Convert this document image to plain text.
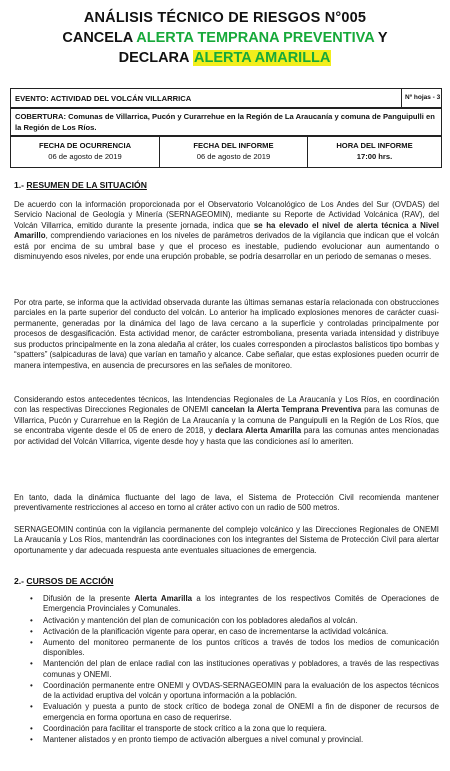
ANÁLISIS TÉCNICO DE RIESGOS N°005
CANCELA ALERTA TEMPRANA PREVENTIVA Y
DECLARA ALERTA AMARILLA
EVENTO: ACTIVIDAD DEL VOLCÁN VILLARRICA	Nº hojas - 3
COBERTURA: Comunas de Villarrica, Pucón y Curarrehue en la Región de La Araucanía y comuna de Panguipulli en la Región de Los Ríos.
FECHA DE OCURRENCIA
06 de agosto de 2019
FECHA DEL INFORME
06 de agosto de 2019
HORA DEL INFORME
17:00 hrs.
1.- RESUMEN DE LA SITUACIÓN

De acuerdo con la información proporcionada por el Observatorio Volcanológico de Los Andes del Sur (OVDAS) del Servicio Nacional de Geología y Minería (SERNAGEOMIN), mediante su Reporte de Actividad Volcánica (RAV), del Volcán Villarrica, emitido durante la presente jornada, indica que se ha elevado el nivel de alerta técnica a Nivel Amarillo, comprendiendo variaciones en los niveles de parámetros derivados de la vigilancia que indican que el volcán está por encima de su umbral base y que el proceso es inestable, pudiendo evolucionar aun aumentando o disminuyendo esos niveles, por ende una erupción probable, se podría desarrollar en un periodo de semanas o meses.

Por otra parte, se informa que la actividad observada durante las últimas semanas estaría relacionada con obstrucciones parciales en la parte superior del conducto del volcán. Lo anterior ha implicado explosiones menores de carácter cuasi-permanente, generadas por la dinámica del lago de lava cercano a la superficie y controladas principalmente por procesos de desgasificación. Esta actividad menor, de carácter estromboliana, presenta variada intensidad y distribuye sus productos principalmente en la zona aledaña al cráter, los cuales corresponden a piroclastos balísticos tipo bombas y “spatters” (salpicaduras de lava) que varían en tamaño y alcance. Cabe señalar, que estas explosiones pueden ocurrir de manera intempestiva, en ausencia de precursores en las señales de monitoreo.

Considerando estos antecedentes técnicos, las Intendencias Regionales de La Araucanía y Los Ríos, en coordinación con las respectivas Direcciones Regionales de ONEMI cancelan la Alerta Temprana Preventiva para las comunas de Villarrica, Pucón y Curarrehue en la Región de La Araucanía y la comuna de Panguipulli en la Región de Los Ríos, que se encontraba vigente desde el 05 de enero de 2018, y declara Alerta Amarilla para las comunas antes mencionadas por actividad del Volcán Villarrica, vigente desde hoy y hasta que las condiciones así lo ameriten.

En tanto, dada la dinámica fluctuante del lago de lava, el Sistema de Protección Civil recomienda mantener preventivamente restricciones al acceso en torno al cráter activo con un radio de 500 metros.

SERNAGEOMIN continúa con la vigilancia permanente del complejo volcánico y las Direcciones Regionales de ONEMI La Araucanía y Los Ríos, mantendrán las coordinaciones con los integrantes del Sistema de Protección Civil para alertar oportunamente y dar adecuada respuesta ante eventuales situaciones de emergencia.

2.- CURSOS DE ACCIÓN
• Difusión de la presente Alerta Amarilla a los integrantes de los respectivos Comités de Operaciones de Emergencia Provinciales y Comunales.
• Activación y mantención del plan de comunicación con los pobladores aledaños al volcán.
• Activación de la planificación vigente para operar, en caso de incrementarse la actividad volcánica.
• Aumento del monitoreo permanente de los puntos críticos a través de todos los medios de comunicación disponibles.
• Mantención del plan de enlace radial con las instituciones operativas y pobladores, a través de las respectivas comunas y ONEMI.
• Coordinación permanente entre ONEMI y OVDAS-SERNAGEOMIN para la evaluación de los aspectos técnicos de la actividad eruptiva del volcán y oportuna información a la población.
• Evaluación y puesta a punto de stock crítico de bodega zonal de ONEMI a fin de disponer de recursos de emergencia en forma oportuna en caso de requerirse.
• Coordinación para facilitar el transporte de stock crítico a la zona que lo requiera.
• Mantener alistados y en pronto tiempo de activación albergues a nivel comunal y provincial.
